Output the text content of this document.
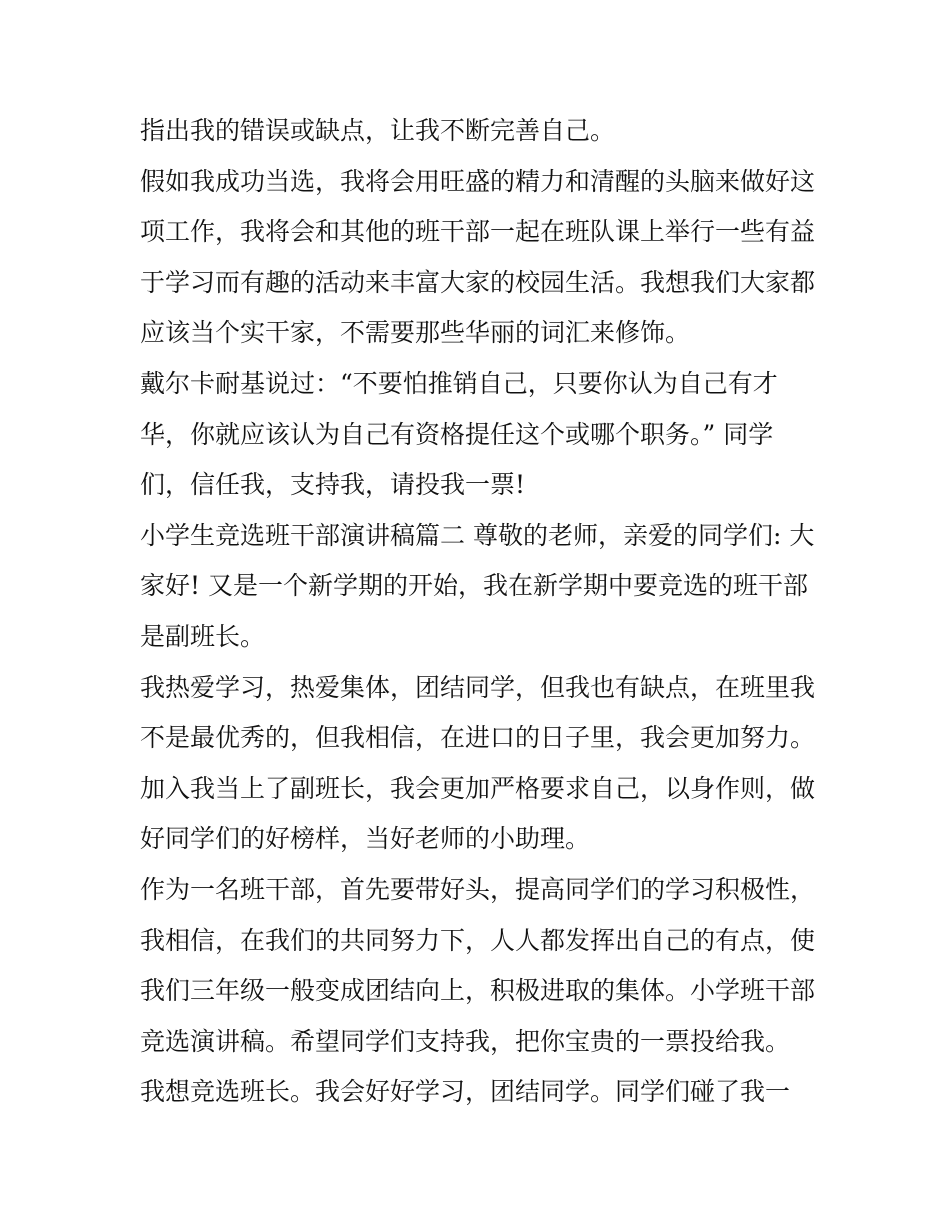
指出我的错误或缺点，让我不断完善自己。
假如我成功当选，我将会用旺盛的精力和清醒的头脑来做好这
项工作，我将会和其他的班干部一起在班队课上举行一些有益
于学习而有趣的活动来丰富大家的校园生活。我想我们大家都
应该当个实干家，不需要那些华丽的词汇来修饰。
戴尔卡耐基说过：“不要怕推销自己，只要你认为自己有才
华，你就应该认为自己有资格提任这个或哪个职务。” 同学
们，信任我，支持我，请投我一票!
小学生竞选班干部演讲稿篇二 尊敬的老师，亲爱的同学们: 大
家好! 又是一个新学期的开始，我在新学期中要竞选的班干部
是副班长。
我热爱学习，热爱集体，团结同学，但我也有缺点，在班里我
不是最优秀的，但我相信，在进口的日子里，我会更加努力。
加入我当上了副班长，我会更加严格要求自己，以身作则，做
好同学们的好榜样，当好老师的小助理。
作为一名班干部，首先要带好头，提高同学们的学习积极性，
我相信，在我们的共同努力下，人人都发挥出自己的有点，使
我们三年级一般变成团结向上，积极进取的集体。小学班干部
竞选演讲稿。希望同学们支持我，把你宝贵的一票投给我。
我想竞选班长。我会好好学习，团结同学。同学们碰了我一
